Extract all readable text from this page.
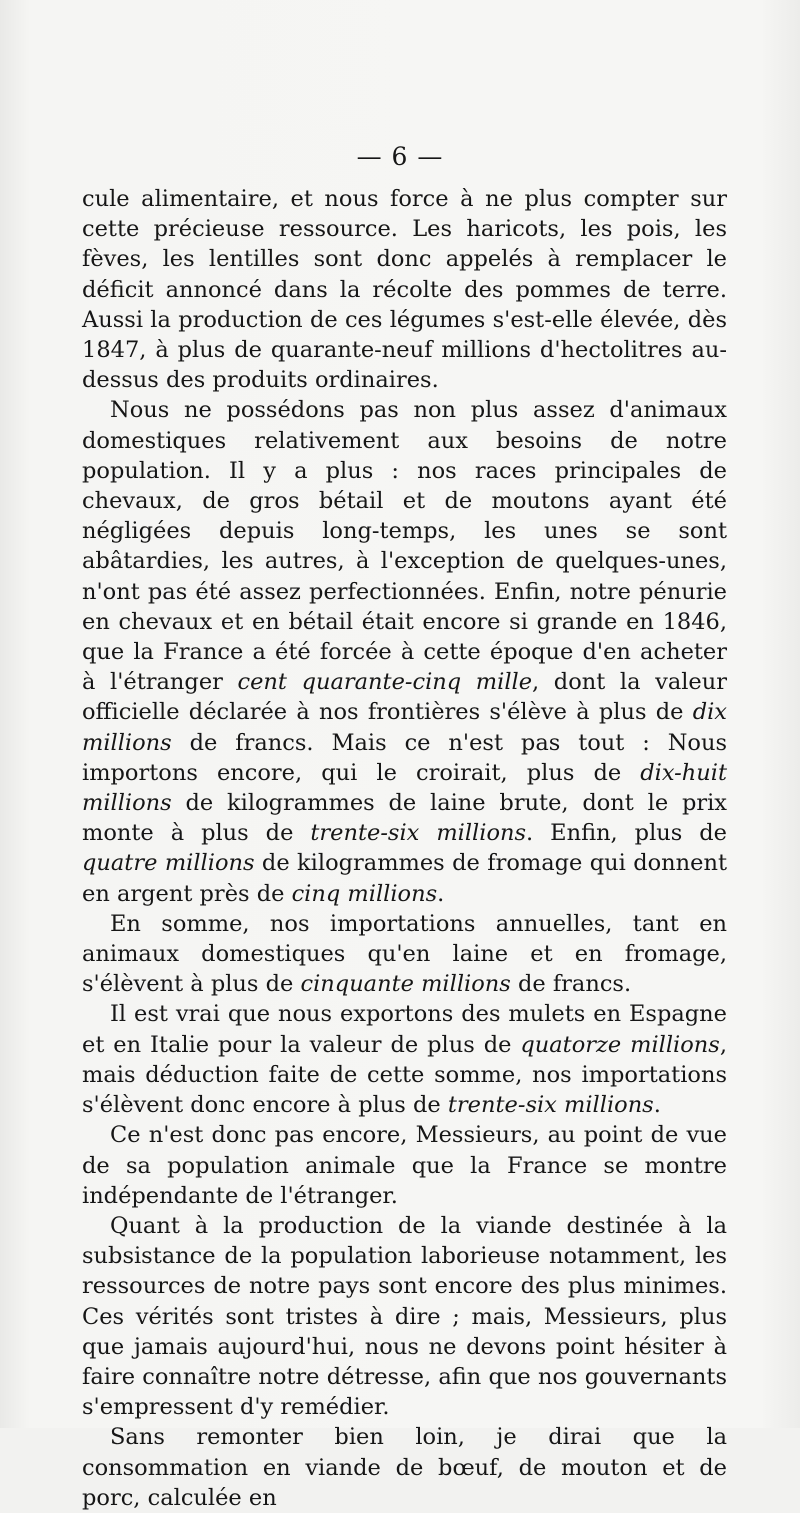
— 6 —

cule alimentaire, et nous force à ne plus compter sur cette précieuse ressource. Les haricots, les pois, les fèves, les lentilles sont donc appelés à remplacer le déficit annoncé dans la récolte des pommes de terre. Aussi la production de ces légumes s'est-elle élevée, dès 1847, à plus de quarante-neuf millions d'hectolitres au-dessus des produits ordinaires.

Nous ne possédons pas non plus assez d'animaux domestiques relativement aux besoins de notre population. Il y a plus : nos races principales de chevaux, de gros bétail et de moutons ayant été négligées depuis long-temps, les unes se sont abâtardies, les autres, à l'exception de quelques-unes, n'ont pas été assez perfectionnées. Enfin, notre pénurie en chevaux et en bétail était encore si grande en 1846, que la France a été forcée à cette époque d'en acheter à l'étranger cent quarante-cinq mille, dont la valeur officielle déclarée à nos frontières s'élève à plus de dix millions de francs. Mais ce n'est pas tout : Nous importons encore, qui le croirait, plus de dix-huit millions de kilogrammes de laine brute, dont le prix monte à plus de trente-six millions. Enfin, plus de quatre millions de kilogrammes de fromage qui donnent en argent près de cinq millions.

En somme, nos importations annuelles, tant en animaux domestiques qu'en laine et en fromage, s'élèvent à plus de cinquante millions de francs.

Il est vrai que nous exportons des mulets en Espagne et en Italie pour la valeur de plus de quatorze millions, mais déduction faite de cette somme, nos importations s'élèvent donc encore à plus de trente-six millions.

Ce n'est donc pas encore, Messieurs, au point de vue de sa population animale que la France se montre indépendante de l'étranger.

Quant à la production de la viande destinée à la subsistance de la population laborieuse notamment, les ressources de notre pays sont encore des plus minimes. Ces vérités sont tristes à dire ; mais, Messieurs, plus que jamais aujourd'hui, nous ne devons point hésiter à faire connaître notre détresse, afin que nos gouvernants s'empressent d'y remédier.

Sans remonter bien loin, je dirai que la consommation en viande de bœuf, de mouton et de porc, calculée en
